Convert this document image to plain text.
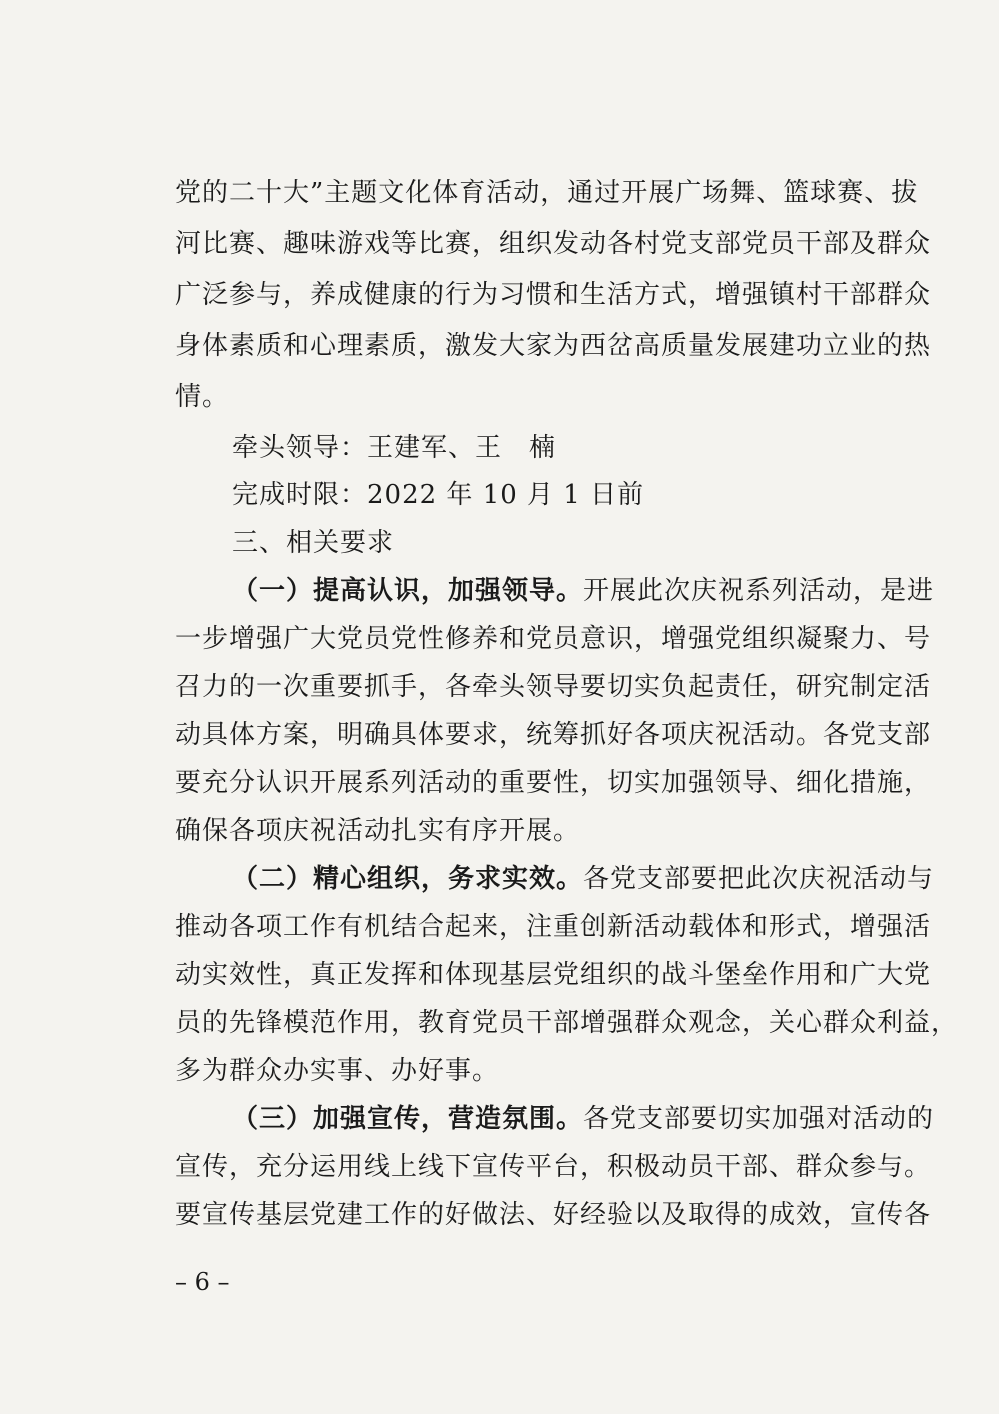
党的二十大”主题文化体育活动，通过开展广场舞、篮球赛、拔
河比赛、趣味游戏等比赛，组织发动各村党支部党员干部及群众
广泛参与，养成健康的行为习惯和生活方式，增强镇村干部群众
身体素质和心理素质，激发大家为西岔高质量发展建功立业的热
情。
牵头领导：王建军、王　楠
完成时限：2022 年 10 月 1 日前
三、相关要求
（一）提高认识，加强领导。开展此次庆祝系列活动，是进
一步增强广大党员党性修养和党员意识，增强党组织凝聚力、号
召力的一次重要抓手，各牵头领导要切实负起责任，研究制定活
动具体方案，明确具体要求，统筹抓好各项庆祝活动。各党支部
要充分认识开展系列活动的重要性，切实加强领导、细化措施，
确保各项庆祝活动扎实有序开展。
（二）精心组织，务求实效。各党支部要把此次庆祝活动与
推动各项工作有机结合起来，注重创新活动载体和形式，增强活
动实效性，真正发挥和体现基层党组织的战斗堡垒作用和广大党
员的先锋模范作用，教育党员干部增强群众观念，关心群众利益，
多为群众办实事、办好事。
（三）加强宣传，营造氛围。各党支部要切实加强对活动的
宣传，充分运用线上线下宣传平台，积极动员干部、群众参与。
要宣传基层党建工作的好做法、好经验以及取得的成效，宣传各
– 6 –
